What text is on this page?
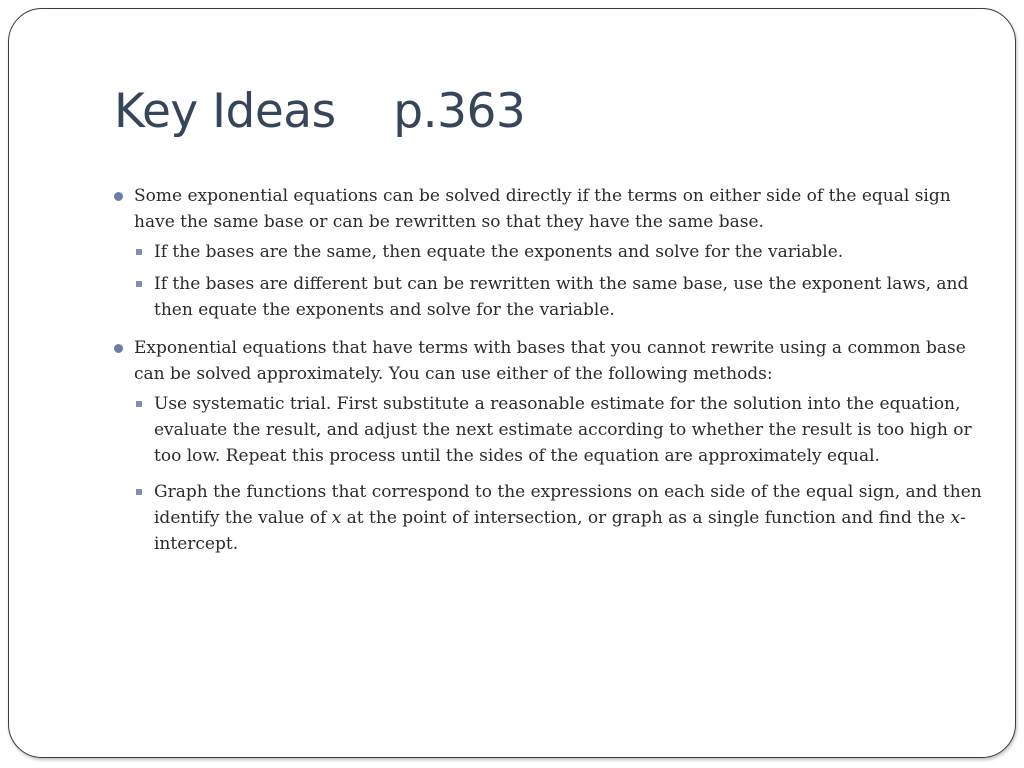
Key Ideas    p.363
Some exponential equations can be solved directly if the terms on either side of the equal sign have the same base or can be rewritten so that they have the same base.
If the bases are the same, then equate the exponents and solve for the variable.
If the bases are different but can be rewritten with the same base, use the exponent laws, and then equate the exponents and solve for the variable.
Exponential equations that have terms with bases that you cannot rewrite using a common base can be solved approximately. You can use either of the following methods:
Use systematic trial. First substitute a reasonable estimate for the solution into the equation, evaluate the result, and adjust the next estimate according to whether the result is too high or too low. Repeat this process until the sides of the equation are approximately equal.
Graph the functions that correspond to the expressions on each side of the equal sign, and then identify the value of x at the point of intersection, or graph as a single function and find the x-intercept.
